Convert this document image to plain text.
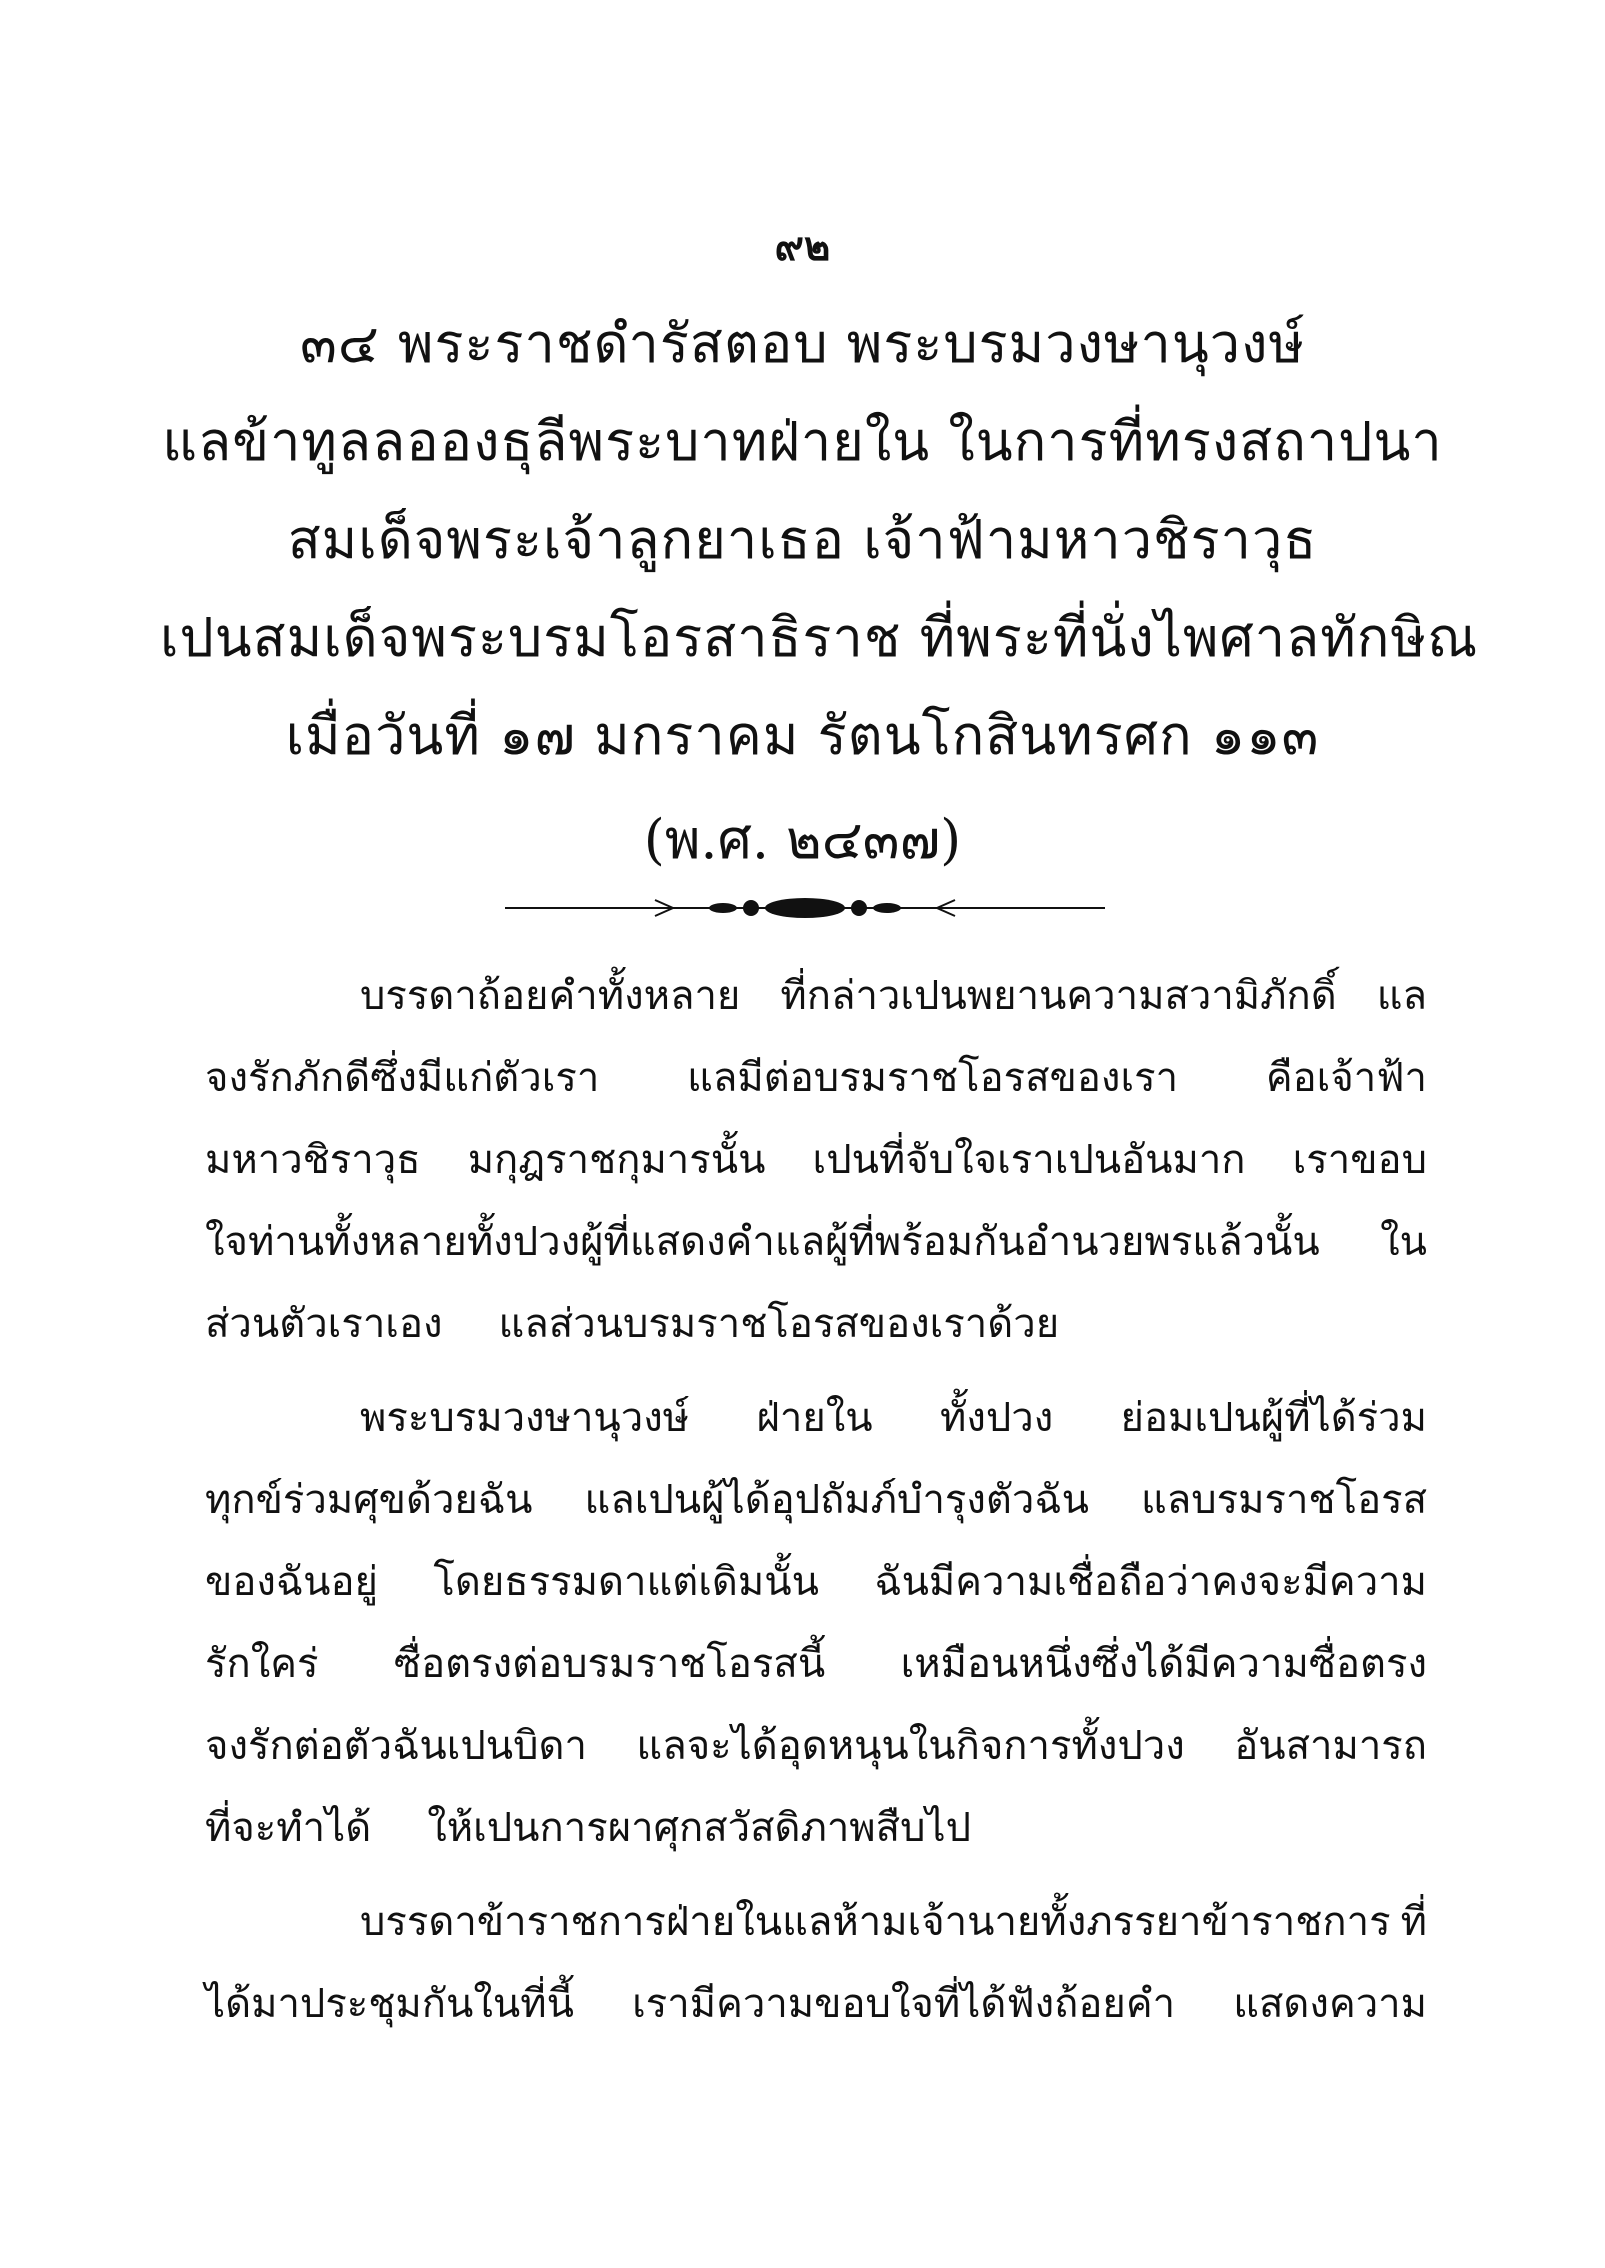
๙๒
๓๔ พระราชดำรัสตอบ พระบรมวงษานุวงษ์
แลข้าทูลลอองธุลีพระบาทฝ่ายใน ในการที่ทรงสถาปนา
สมเด็จพระเจ้าลูกยาเธอ เจ้าฟ้ามหาวชิราวุธ
เปนสมเด็จพระบรมโอรสาธิราช ที่พระที่นั่งไพศาลทักษิณ
เมื่อวันที่ ๑๗ มกราคม รัตนโกสินทรศก ๑๑๓
(พ.ศ. ๒๔๓๗)
บรรดาถ้อยคำทั้งหลาย ที่กล่าวเปนพยานความสวามิภักดิ์ แล
จงรักภักดีซึ่งมีแก่ตัวเรา แลมีต่อบรมราชโอรสของเรา คือเจ้าฟ้า
มหาวชิราวุธ มกุฎราชกุมารนั้น เปนที่จับใจเราเปนอันมาก เราขอบ
ใจท่านทั้งหลายทั้งปวงผู้ที่แสดงคำแลผู้ที่พร้อมกันอำนวยพรแล้วนั้น ใน
ส่วนตัวเราเอง แลส่วนบรมราชโอรสของเราด้วย
พระบรมวงษานุวงษ์ ฝ่ายใน ทั้งปวง ย่อมเปนผู้ที่ได้ร่วม
ทุกข์ร่วมศุขด้วยฉัน แลเปนผู้ได้อุปถัมภ์บำรุงตัวฉัน แลบรมราชโอรส
ของฉันอยู่ โดยธรรมดาแต่เดิมนั้น ฉันมีความเชื่อถือว่าคงจะมีความ
รักใคร่ ซื่อตรงต่อบรมราชโอรสนี้ เหมือนหนึ่งซึ่งได้มีความซื่อตรง
จงรักต่อตัวฉันเปนบิดา แลจะได้อุดหนุนในกิจการทั้งปวง อันสามารถ
ที่จะทำได้ ให้เปนการผาศุกสวัสดิภาพสืบไป
บรรดาข้าราชการฝ่ายในแลห้ามเจ้านายทั้งภรรยาข้าราชการ ที่
ได้มาประชุมกันในที่นี้ เรามีความขอบใจที่ได้ฟังถ้อยคำ แสดงความ
